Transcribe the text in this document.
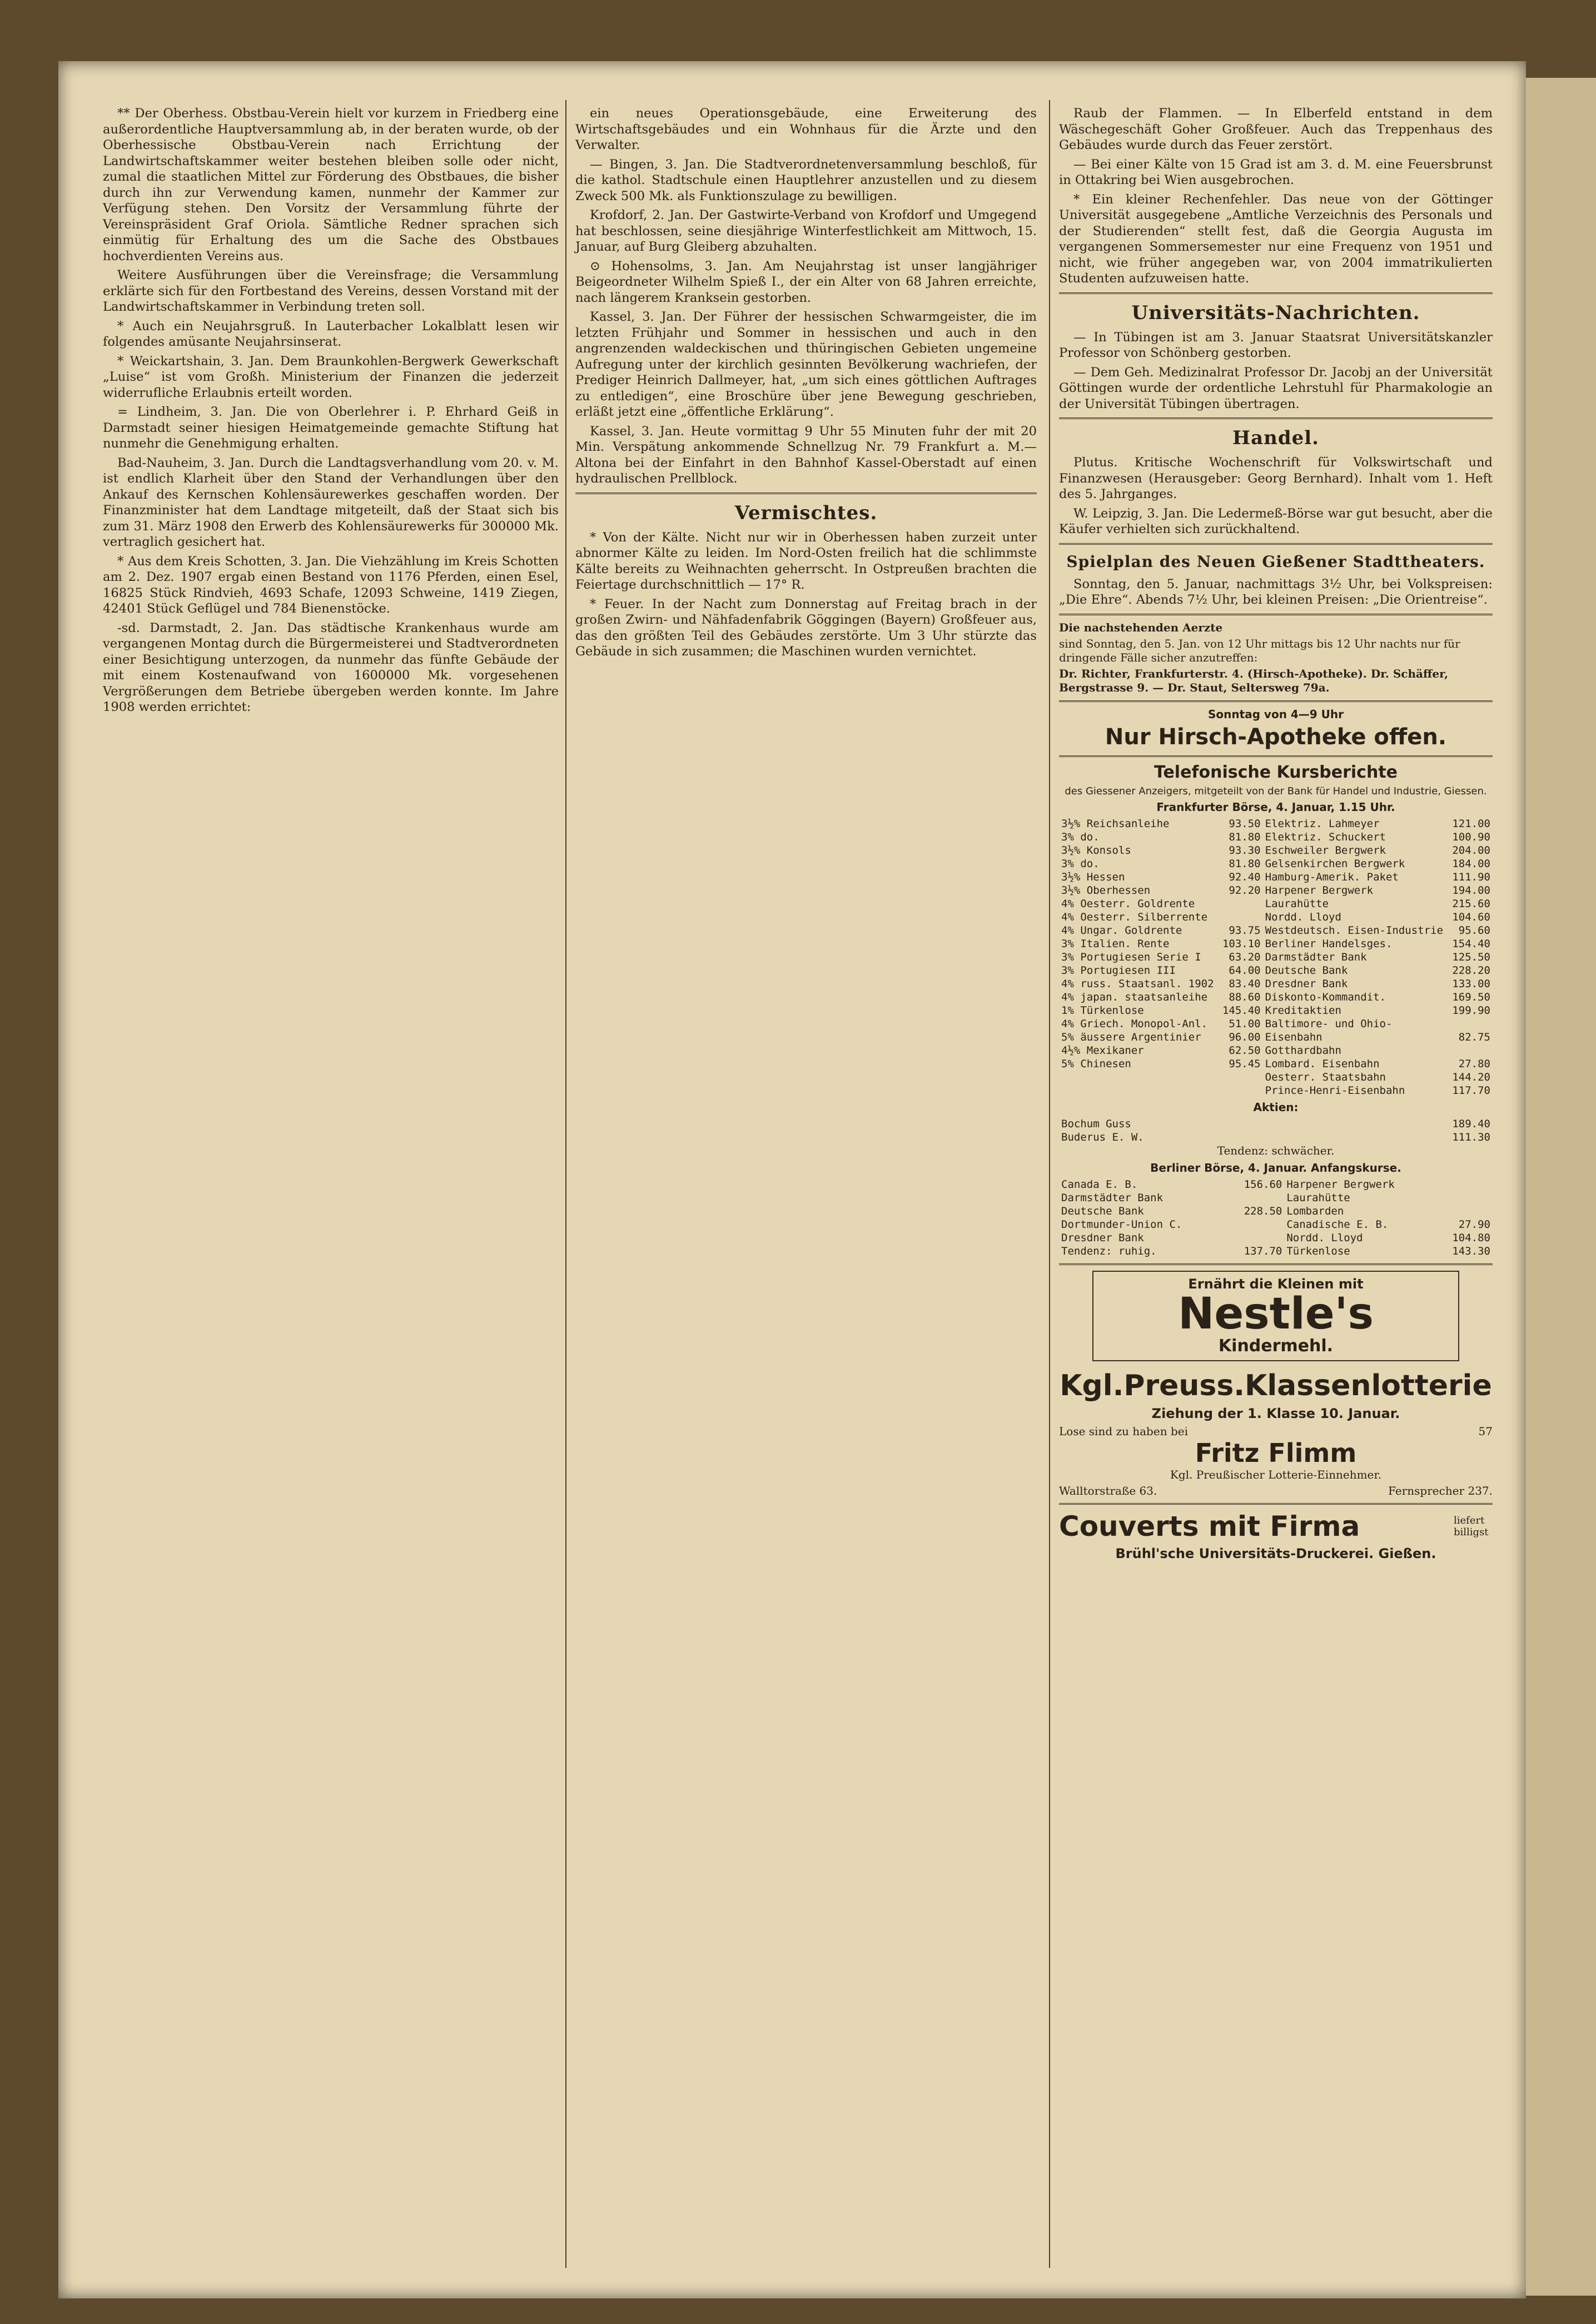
** Der Oberhess. Obstbau-Verein hielt vor kurzem in Friedberg eine außerordentliche Hauptversammlung ab, in der beraten wurde, ob der Oberhessische Obstbau-Verein nach Errichtung der Landwirtschaftskammer weiter bestehen bleiben solle oder nicht, zumal die staatlichen Mittel zur Förderung des Obstbaues, die bisher durch ihn zur Verwendung kamen, nunmehr der Kammer zur Verfügung stehen. Den Vorsitz der Versammlung führte der Vereinspräsident Graf Oriola. Sämtliche Redner sprachen sich einmütig für Erhaltung des um die Sache des Obstbaues hochverdienten Vereins aus.

Weitere Ausführungen über die Vereinsfrage; die Versammlung erklärte sich für den Fortbestand des Vereins, dessen Vorstand mit der Landwirtschaftskammer in Verbindung treten soll.

* Auch ein Neujahrsgruß. In Lauterbacher Lokalblatt lesen wir folgendes amüsante Neujahrsinserat.

* Weickartshain, 3. Jan. Dem Braunkohlen-Bergwerk Gewerkschaft „Luise“ ist vom Großh. Ministerium der Finanzen die jederzeit widerrufliche Erlaubnis erteilt worden.

= Lindheim, 3. Jan. Die von Oberlehrer i. P. Ehrhard Geiß in Darmstadt seiner hiesigen Heimatgemeinde gemachte Stiftung hat nunmehr die Genehmigung erhalten.

Bad-Nauheim, 3. Jan. Durch die Landtagsverhandlung vom 20. v. M. ist endlich Klarheit über den Stand der Verhandlungen über den Ankauf des Kernschen Kohlensäurewerkes geschaffen worden. Der Finanzminister hat dem Landtage mitgeteilt, daß der Staat sich bis zum 31. März 1908 den Erwerb des Kohlensäurewerks für 300000 Mk. vertraglich gesichert hat.

* Aus dem Kreis Schotten, 3. Jan. Die Viehzählung im Kreis Schotten am 2. Dez. 1907 ergab einen Bestand von 1176 Pferden, einen Esel, 16825 Stück Rindvieh, 4693 Schafe, 12093 Schweine, 1419 Ziegen, 42401 Stück Geflügel und 784 Bienenstöcke.

-sd. Darmstadt, 2. Jan. Das städtische Krankenhaus wurde am vergangenen Montag durch die Bürgermeisterei und Stadtverordneten einer Besichtigung unterzogen, da nunmehr das fünfte Gebäude der mit einem Kostenaufwand von 1600000 Mk. vorgesehenen Vergrößerungen dem Betriebe übergeben werden konnte. Im Jahre 1908 werden errichtet:

ein neues Operationsgebäude, eine Erweiterung des Wirtschaftsgebäudes und ein Wohnhaus für die Ärzte und den Verwalter.

— Bingen, 3. Jan. Die Stadtverordnetenversammlung beschloß, für die kathol. Stadtschule einen Hauptlehrer anzustellen und zu diesem Zweck 500 Mk. als Funktionszulage zu bewilligen.

Krofdorf, 2. Jan. Der Gastwirte-Verband von Krofdorf und Umgegend hat beschlossen, seine diesjährige Winterfestlichkeit am Mittwoch, 15. Januar, auf Burg Gleiberg abzuhalten.

⊙ Hohensolms, 3. Jan. Am Neujahrstag ist unser langjähriger Beigeordneter Wilhelm Spieß I., der ein Alter von 68 Jahren erreichte, nach längerem Kranksein gestorben.

Kassel, 3. Jan. Der Führer der hessischen Schwarmgeister, die im letzten Frühjahr und Sommer in hessischen und auch in den angrenzenden waldeckischen und thüringischen Gebieten ungemeine Aufregung unter der kirchlich gesinnten Bevölkerung wachriefen, der Prediger Heinrich Dallmeyer, hat, „um sich eines göttlichen Auftrages zu entledigen“, eine Broschüre über jene Bewegung geschrieben, erläßt jetzt eine „öffentliche Erklärung“.

Kassel, 3. Jan. Heute vormittag 9 Uhr 55 Minuten fuhr der mit 20 Min. Verspätung ankommende Schnellzug Nr. 79 Frankfurt a. M.—Altona bei der Einfahrt in den Bahnhof Kassel-Oberstadt auf einen hydraulischen Prellblock.

Vermischtes.

* Von der Kälte. Nicht nur wir in Oberhessen haben zurzeit unter abnormer Kälte zu leiden. Im Nord-Osten freilich hat die schlimmste Kälte bereits zu Weihnachten geherrscht. In Ostpreußen brachten die Feiertage durchschnittlich — 17° R.

* Feuer. In der Nacht zum Donnerstag auf Freitag brach in der großen Zwirn- und Nähfadenfabrik Göggingen (Bayern) Großfeuer aus, das den größten Teil des Gebäudes zerstörte. Um 3 Uhr stürzte das Gebäude in sich zusammen; die Maschinen wurden vernichtet.

Raub der Flammen. — In Elberfeld entstand in dem Wäschegeschäft Goher Großfeuer. Auch das Treppenhaus des Gebäudes wurde durch das Feuer zerstört.

— Bei einer Kälte von 15 Grad ist am 3. d. M. eine Feuersbrunst in Ottakring bei Wien ausgebrochen.

* Ein kleiner Rechenfehler. Das neue von der Göttinger Universität ausgegebene „Amtliche Verzeichnis des Personals und der Studierenden“ stellt fest, daß die Georgia Augusta im vergangenen Sommersemester nur eine Frequenz von 1951 und nicht, wie früher angegeben war, von 2004 immatrikulierten Studenten aufzuweisen hatte.

Universitäts-Nachrichten.

— In Tübingen ist am 3. Januar Staatsrat Universitätskanzler Professor von Schönberg gestorben.

— Dem Geh. Medizinalrat Professor Dr. Jacobj an der Universität Göttingen wurde der ordentliche Lehrstuhl für Pharmakologie an der Universität Tübingen übertragen.

Handel.

Plutus. Kritische Wochenschrift für Volkswirtschaft und Finanzwesen (Herausgeber: Georg Bernhard). Inhalt vom 1. Heft des 5. Jahrganges.

W. Leipzig, 3. Jan. Die Ledermeß-Börse war gut besucht, aber die Käufer verhielten sich zurückhaltend.

Spielplan des Neuen Gießener Stadttheaters.

Sonntag, den 5. Januar, nachmittags 3½ Uhr, bei Volkspreisen: „Die Ehre“. Abends 7½ Uhr, bei kleinen Preisen: „Die Orientreise“.

Die nachstehenden Aerzte

sind Sonntag, den 5. Jan. von 12 Uhr mittags bis 12 Uhr nachts nur für dringende Fälle sicher anzutreffen:

Dr. Richter, Frankfurterstr. 4. (Hirsch-Apotheke). Dr. Schäffer, Bergstrasse 9. — Dr. Staut, Seltersweg 79a.

Sonntag von 4—9 Uhr
Nur Hirsch-Apotheke offen.
Telefonische Kursberichte
des Giessener Anzeigers, mitgeteilt von der Bank für Handel und Industrie, Giessen.
Frankfurter Börse, 4. Januar, 1.15 Uhr.
3½% Reichsanleihe	93.50	Elektriz. Lahmeyer	121.00
3% do.	81.80	Elektriz. Schuckert	100.90
3½% Konsols	93.30	Eschweiler Bergwerk	204.00
3% do.	81.80	Gelsenkirchen Bergwerk	184.00
3½% Hessen	92.40	Hamburg-Amerik. Paket	111.90
3½% Oberhessen	92.20	Harpener Bergwerk	194.00
4% Oesterr. Goldrente		Laurahütte	215.60
4% Oesterr. Silberrente		Nordd. Lloyd	104.60
4% Ungar. Goldrente	93.75	Westdeutsch. Eisen-Industrie	95.60
3% Italien. Rente	103.10	Berliner Handelsges.	154.40
3% Portugiesen Serie I	63.20	Darmstädter Bank	125.50
3% Portugiesen III	64.00	Deutsche Bank	228.20
4% russ. Staatsanl. 1902	83.40	Dresdner Bank	133.00
4% japan. staatsanleihe	88.60	Diskonto-Kommandit.	169.50
1% Türkenlose	145.40	Kreditaktien	199.90
4% Griech. Monopol-Anl.	51.00	Baltimore- und Ohio-	
5% äussere Argentinier	96.00	Eisenbahn	82.75
4½% Mexikaner	62.50	Gotthardbahn	
5% Chinesen	95.45	Lombard. Eisenbahn	27.80
		Oesterr. Staatsbahn	144.20
		Prince-Henri-Eisenbahn	117.70
Aktien:
Bochum Guss	189.40
Buderus E. W.	111.30
Tendenz: schwächer.
Berliner Börse, 4. Januar. Anfangskurse.
Canada E. B.	156.60	Harpener Bergwerk	
Darmstädter Bank		Laurahütte	
Deutsche Bank	228.50	Lombarden	
Dortmunder-Union C.		Canadische E. B.	27.90
Dresdner Bank		Nordd. Lloyd	104.80
Tendenz: ruhig.	137.70	Türkenlose	143.30
Ernährt die Kleinen mit
Nestle's
Kindermehl.
Kgl.Preuss.Klassenlotterie
Ziehung der 1. Klasse 10. Januar.
Lose sind zu haben bei	57
Fritz Flimm
Kgl. Preußischer Lotterie-Einnehmer.
Walltorstraße 63.	Fernsprecher 237.
Couverts mit Firma	liefert billigst
Brühl'sche Universitäts-Druckerei. Gießen.
